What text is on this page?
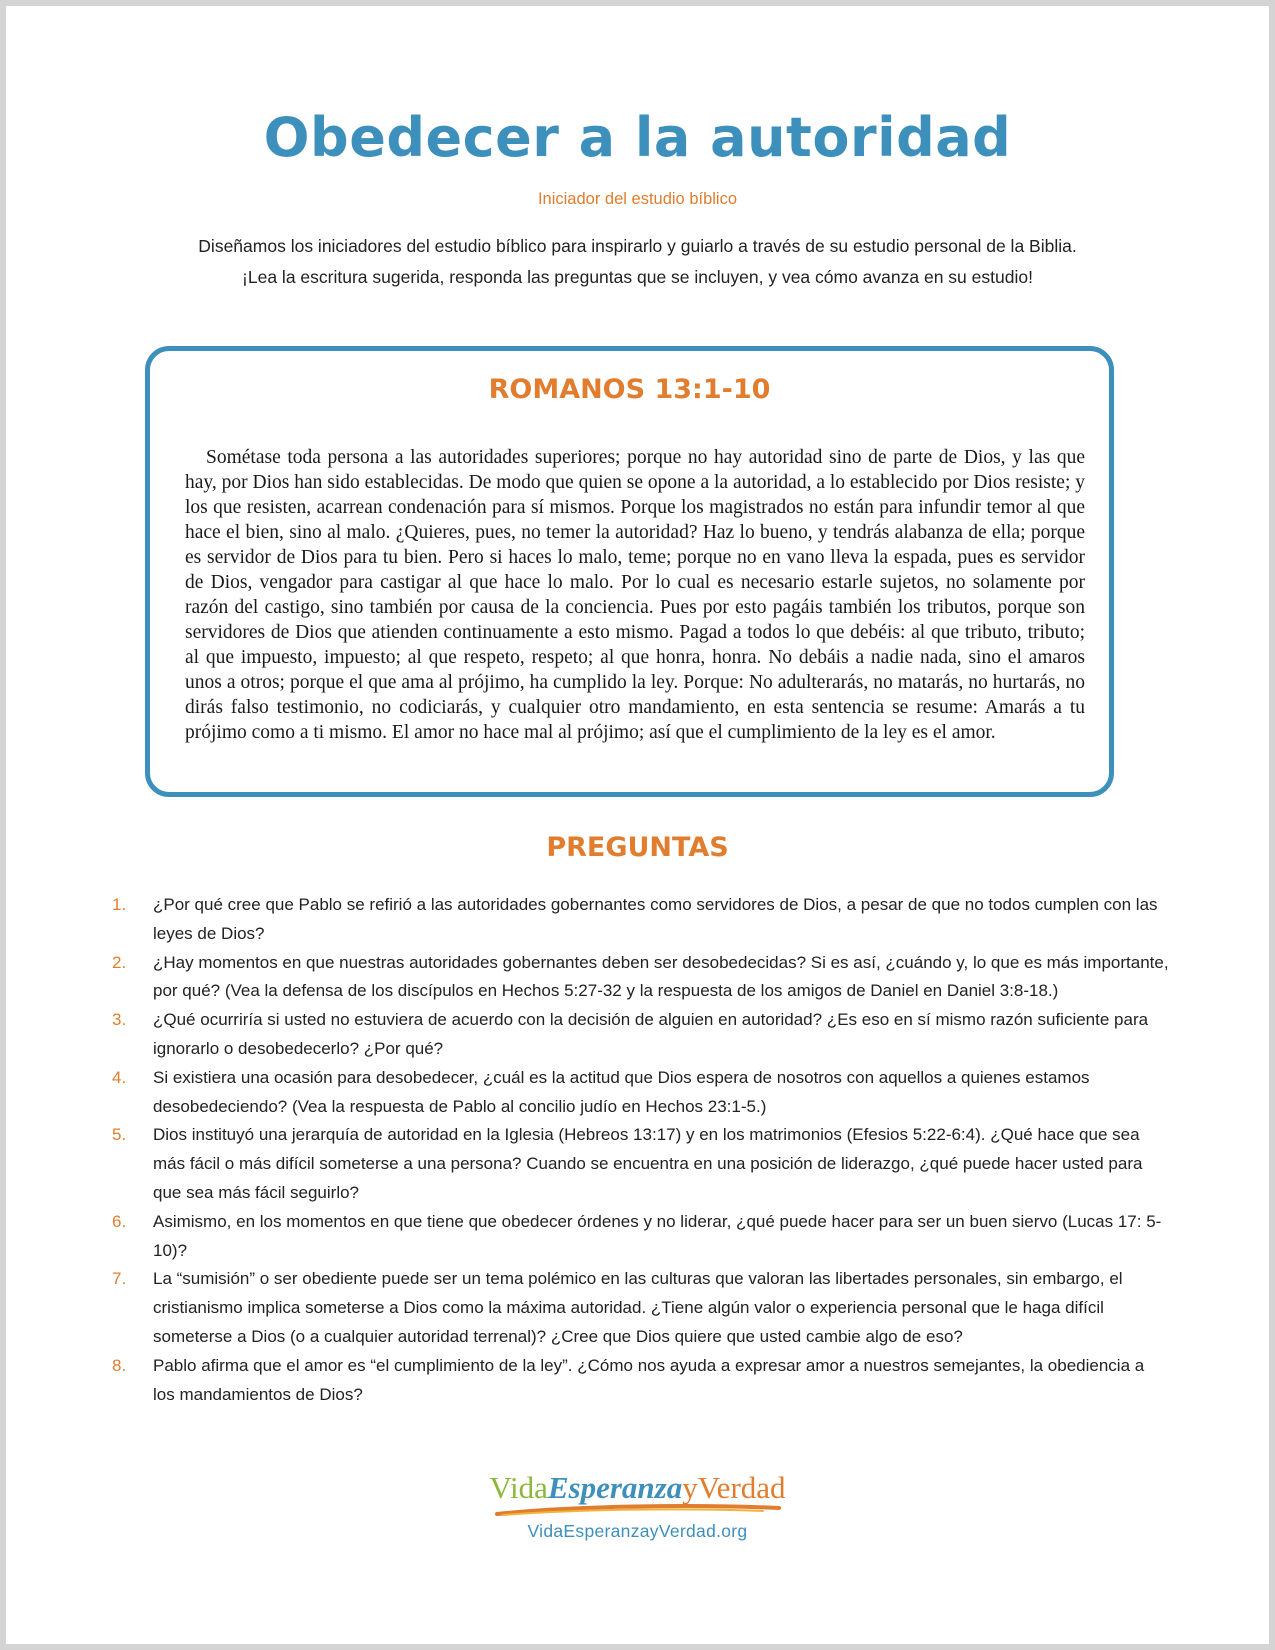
Obedecer a la autoridad
Iniciador del estudio bíblico
Diseñamos los iniciadores del estudio bíblico para inspirarlo y guiarlo a través de su estudio personal de la Biblia.
¡Lea la escritura sugerida, responda las preguntas que se incluyen, y vea cómo avanza en su estudio!
ROMANOS 13:1-10

Sométase toda persona a las autoridades superiores; porque no hay autoridad sino de parte de Dios, y las que hay, por Dios han sido establecidas. De modo que quien se opone a la autoridad, a lo establecido por Dios resiste; y los que resisten, acarrean condenación para sí mismos. Porque los magistrados no están para infundir temor al que hace el bien, sino al malo. ¿Quieres, pues, no temer la autoridad? Haz lo bueno, y tendrás alabanza de ella; porque es servidor de Dios para tu bien. Pero si haces lo malo, teme; porque no en vano lleva la espada, pues es servidor de Dios, vengador para castigar al que hace lo malo. Por lo cual es necesario estarle sujetos, no solamente por razón del castigo, sino también por causa de la conciencia. Pues por esto pagáis también los tributos, porque son servidores de Dios que atienden continuamente a esto mismo. Pagad a todos lo que debéis: al que tributo, tributo; al que impuesto, impuesto; al que respeto, respeto; al que honra, honra. No debáis a nadie nada, sino el amaros unos a otros; porque el que ama al prójimo, ha cumplido la ley. Porque: No adulterarás, no matarás, no hurtarás, no dirás falso testimonio, no codiciarás, y cualquier otro mandamiento, en esta sentencia se resume: Amarás a tu prójimo como a ti mismo. El amor no hace mal al prójimo; así que el cumplimiento de la ley es el amor.

PREGUNTAS
1. ¿Por qué cree que Pablo se refirió a las autoridades gobernantes como servidores de Dios, a pesar de que no todos cumplen con las leyes de Dios?
2. ¿Hay momentos en que nuestras autoridades gobernantes deben ser desobedecidas? Si es así, ¿cuándo y, lo que es más importante, por qué? (Vea la defensa de los discípulos en Hechos 5:27-32 y la respuesta de los amigos de Daniel en Daniel 3:8-18.)
3. ¿Qué ocurriría si usted no estuviera de acuerdo con la decisión de alguien en autoridad? ¿Es eso en sí mismo razón suficiente para ignorarlo o desobedecerlo? ¿Por qué?
4. Si existiera una ocasión para desobedecer, ¿cuál es la actitud que Dios espera de nosotros con aquellos a quienes estamos desobedeciendo? (Vea la respuesta de Pablo al concilio judío en Hechos 23:1-5.)
5. Dios instituyó una jerarquía de autoridad en la Iglesia (Hebreos 13:17) y en los matrimonios (Efesios 5:22-6:4). ¿Qué hace que sea más fácil o más difícil someterse a una persona? Cuando se encuentra en una posición de liderazgo, ¿qué puede hacer usted para que sea más fácil seguirlo?
6. Asimismo, en los momentos en que tiene que obedecer órdenes y no liderar, ¿qué puede hacer para ser un buen siervo (Lucas 17: 5-10)?
7. La “sumisión” o ser obediente puede ser un tema polémico en las culturas que valoran las libertades personales, sin embargo, el cristianismo implica someterse a Dios como la máxima autoridad. ¿Tiene algún valor o experiencia personal que le haga difícil someterse a Dios (o a cualquier autoridad terrenal)? ¿Cree que Dios quiere que usted cambie algo de eso?
8. Pablo afirma que el amor es “el cumplimiento de la ley”. ¿Cómo nos ayuda a expresar amor a nuestros semejantes, la obediencia a los mandamientos de Dios?
VidaEsperanzayVerdad
VidaEsperanzayVerdad.org
